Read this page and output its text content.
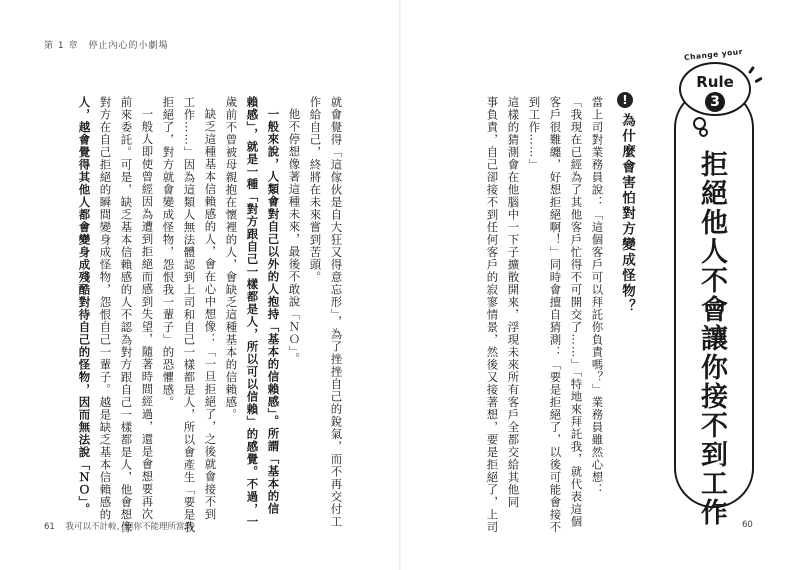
第 1 章　停止內心的小劇場
61 我可以不計較，但你不能理所當然	60
拒絕他人不會讓你接不到工作
Rule
3
Change your
!
為什麼會害怕對方變成怪物？
當上司對業務員說：「這個客戶可以拜託你負責嗎？」業務員雖然心想：
「我現在已經為了其他客戶忙得不可開交了……」「特地來拜託我，就代表這個
客戶很難纏，好想拒絕啊！」同時會擅自猜測：「要是拒絕了，以後可能會接不
到工作……」
這樣的猜測會在他腦中一下子擴散開來，浮現未來所有客戶全都交給其他同
事負責，自己卻接不到任何客戶的寂寥情景，然後又接著想，要是拒絕了，上司
就會覺得「這傢伙是自大狂又得意忘形」，為了挫挫自己的銳氣，而不再交付工
作給自己，終將在未來嘗到苦頭。
他不停想像著這種未來，最後不敢說「ＮＯ」。
一般來說，人類會對自己以外的人抱持「基本的信賴感」。所謂「基本的信
賴感」，就是一種「對方跟自己一樣都是人，所以可以信賴」的感覺。不過，一
歲前不曾被母親抱在懷裡的人，會缺乏這種基本的信賴感。
缺乏這種基本信賴感的人，會在心中想像：「一旦拒絕了，之後就會接不到
工作……」因為這類人無法體認到上司和自己一樣都是人，所以會產生「要是我
拒絕了，對方就會變成怪物，怨恨我一輩子」的恐懼感。
一般人即使曾經因為遭到拒絕而感到失望，隨著時間經過，還是會想要再次
前來委託。可是，缺乏基本信賴感的人不認為對方跟自己一樣都是人，他會想像
對方在自己拒絕的瞬間變身成怪物，怨恨自己一輩子。越是缺乏基本信賴感的
人，越會覺得其他人都會變身成殘酷對待自己的怪物，因而無法說「ＮＯ」。
